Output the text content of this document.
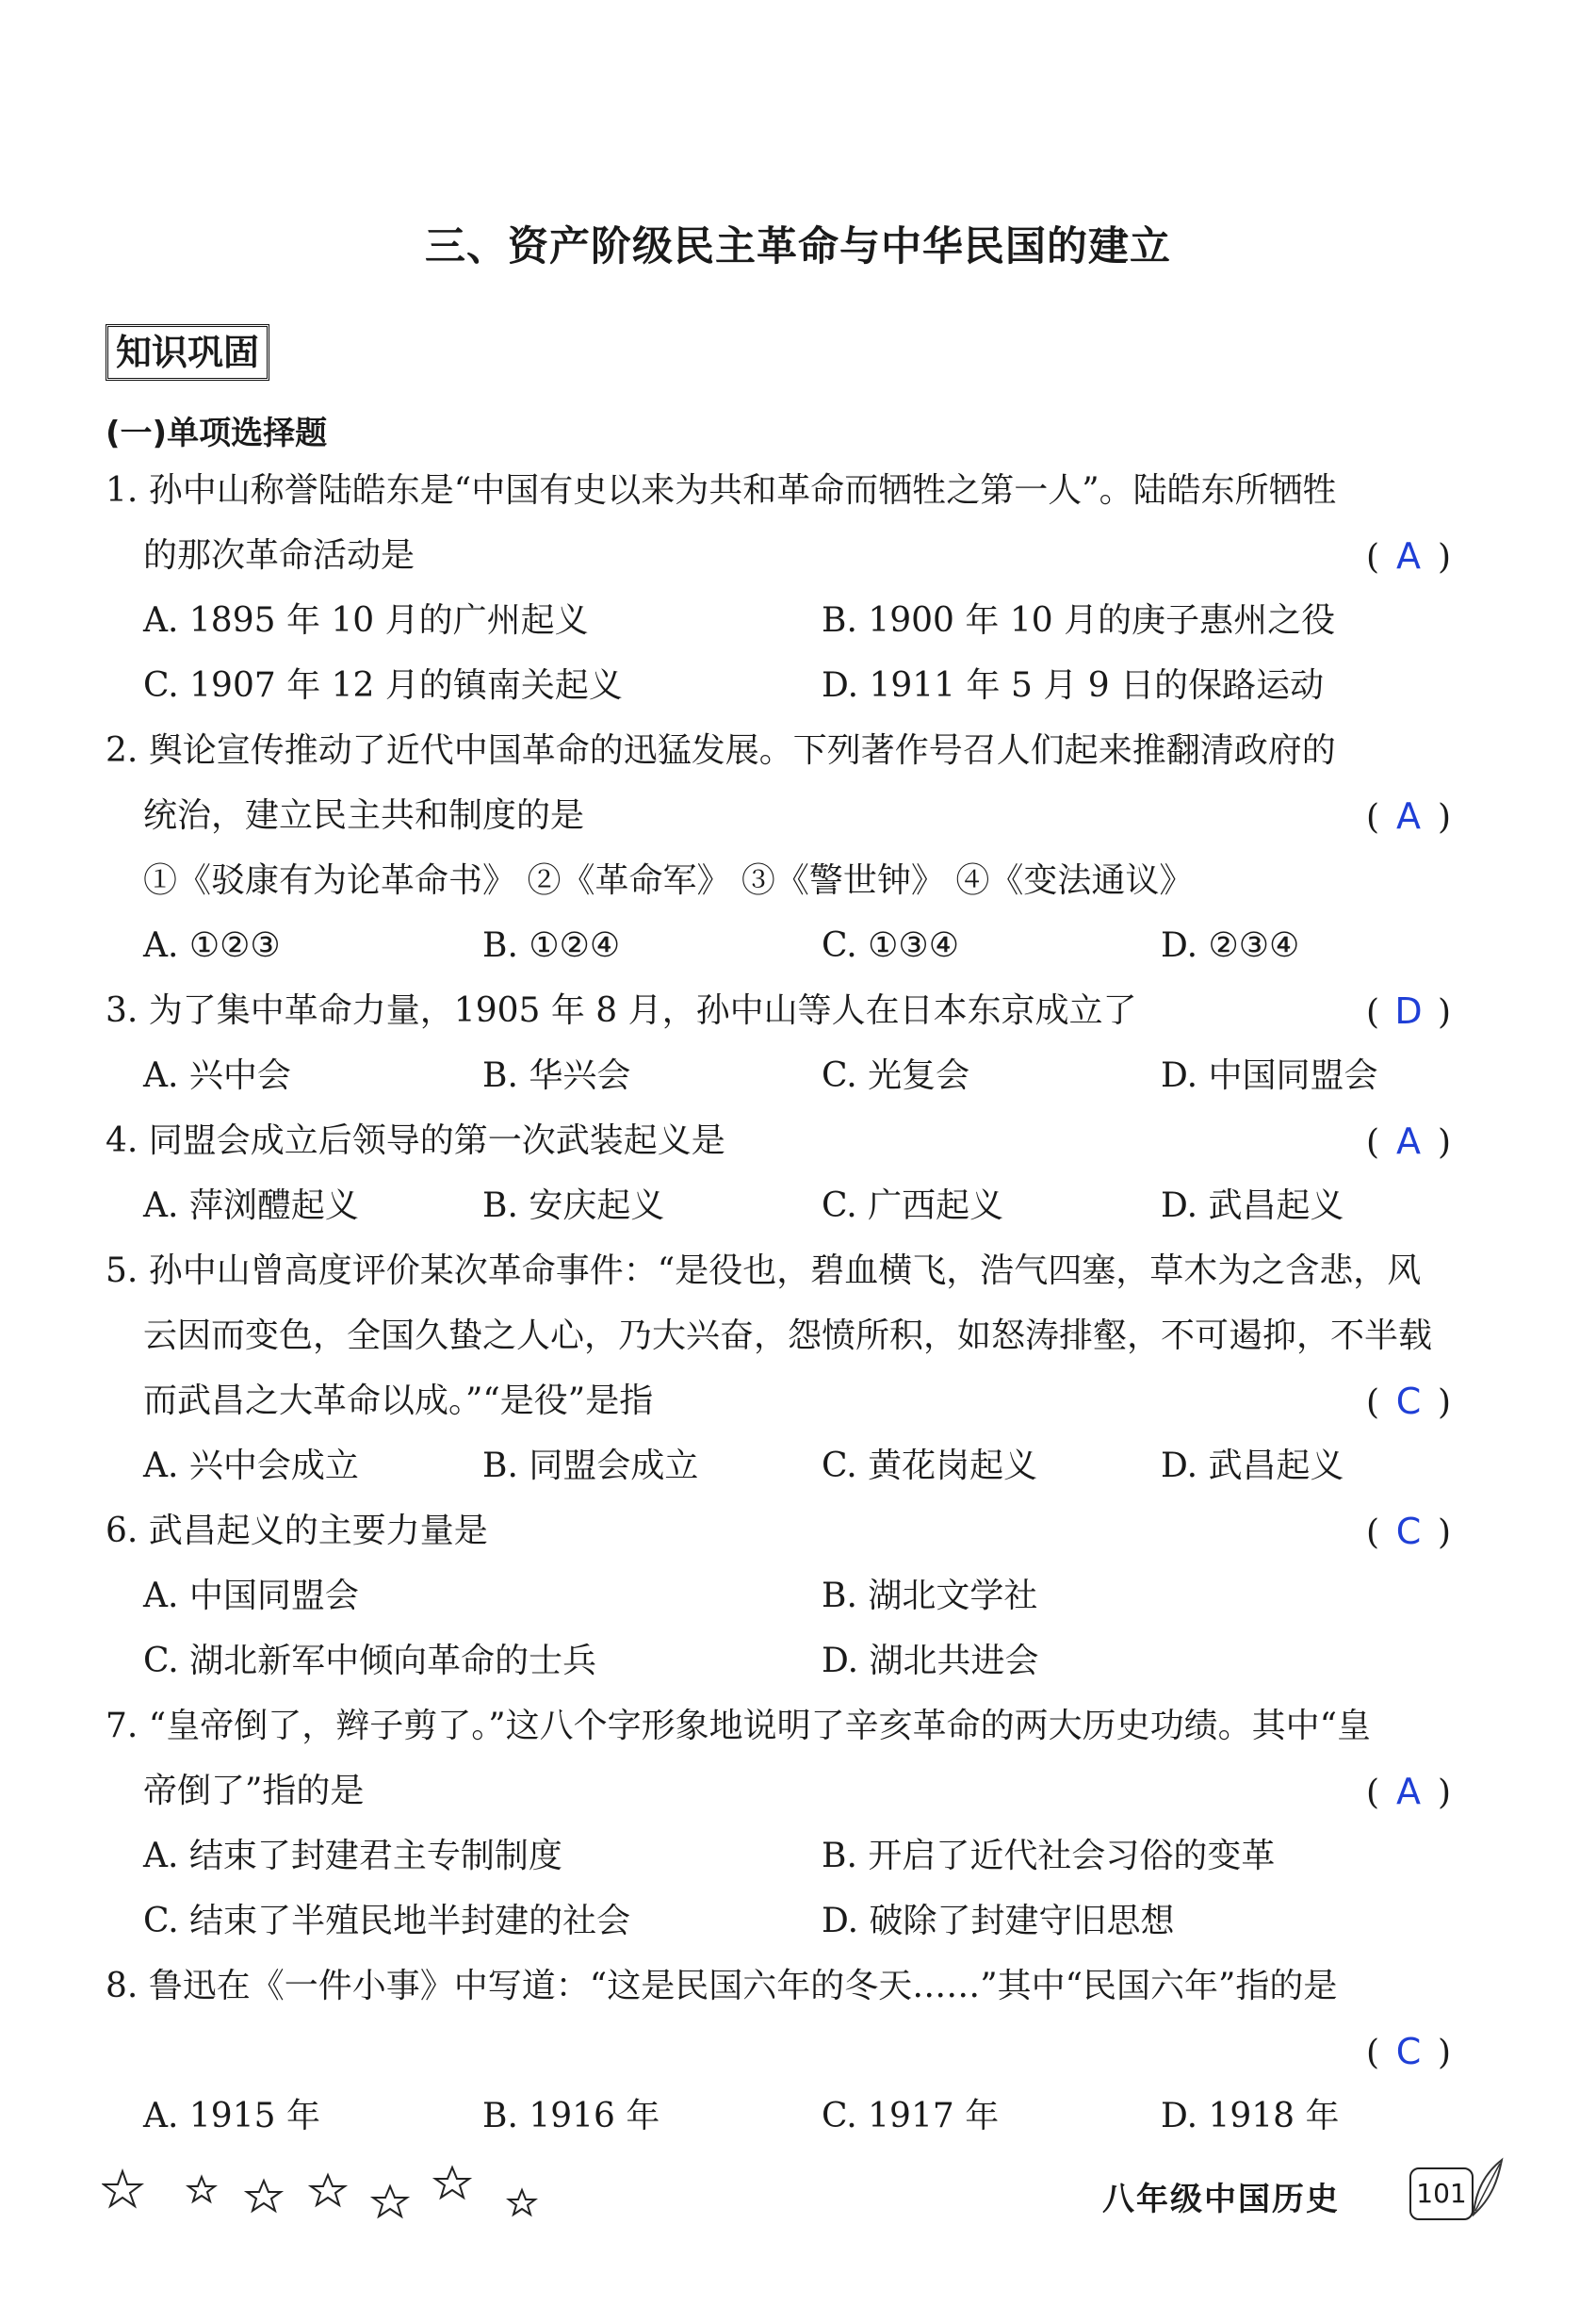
三、资产阶级民主革命与中华民国的建立
知识巩固
(一)单项选择题
1. 孙中山称誉陆皓东是“中国有史以来为共和革命而牺牲之第一人”。陆皓东所牺牲
的那次革命活动是	( A )
A. 1895 年 10 月的广州起义	B. 1900 年 10 月的庚子惠州之役
C. 1907 年 12 月的镇南关起义	D. 1911 年 5 月 9 日的保路运动
2. 舆论宣传推动了近代中国革命的迅猛发展。下列著作号召人们起来推翻清政府的
统治，建立民主共和制度的是	( A )
①《驳康有为论革命书》 ②《革命军》 ③《警世钟》 ④《变法通议》
A. ①②③	B. ①②④	C. ①③④	D. ②③④
3. 为了集中革命力量，1905 年 8 月，孙中山等人在日本东京成立了	( D )
A. 兴中会	B. 华兴会	C. 光复会	D. 中国同盟会
4. 同盟会成立后领导的第一次武装起义是	( A )
A. 萍浏醴起义	B. 安庆起义	C. 广西起义	D. 武昌起义
5. 孙中山曾高度评价某次革命事件：“是役也，碧血横飞，浩气四塞，草木为之含悲，风
云因而变色，全国久蛰之人心，乃大兴奋，怨愤所积，如怒涛排壑，不可遏抑，不半载
而武昌之大革命以成。”“是役”是指	( C )
A. 兴中会成立	B. 同盟会成立	C. 黄花岗起义	D. 武昌起义
6. 武昌起义的主要力量是	( C )
A. 中国同盟会	B. 湖北文学社
C. 湖北新军中倾向革命的士兵	D. 湖北共进会
7. “皇帝倒了，辫子剪了。”这八个字形象地说明了辛亥革命的两大历史功绩。其中“皇
帝倒了”指的是	( A )
A. 结束了封建君主专制制度	B. 开启了近代社会习俗的变革
C. 结束了半殖民地半封建的社会	D. 破除了封建守旧思想
8. 鲁迅在《一件小事》中写道：“这是民国六年的冬天……”其中“民国六年”指的是
( C )
A. 1915 年	B. 1916 年	C. 1917 年	D. 1918 年
八年级中国历史	101
